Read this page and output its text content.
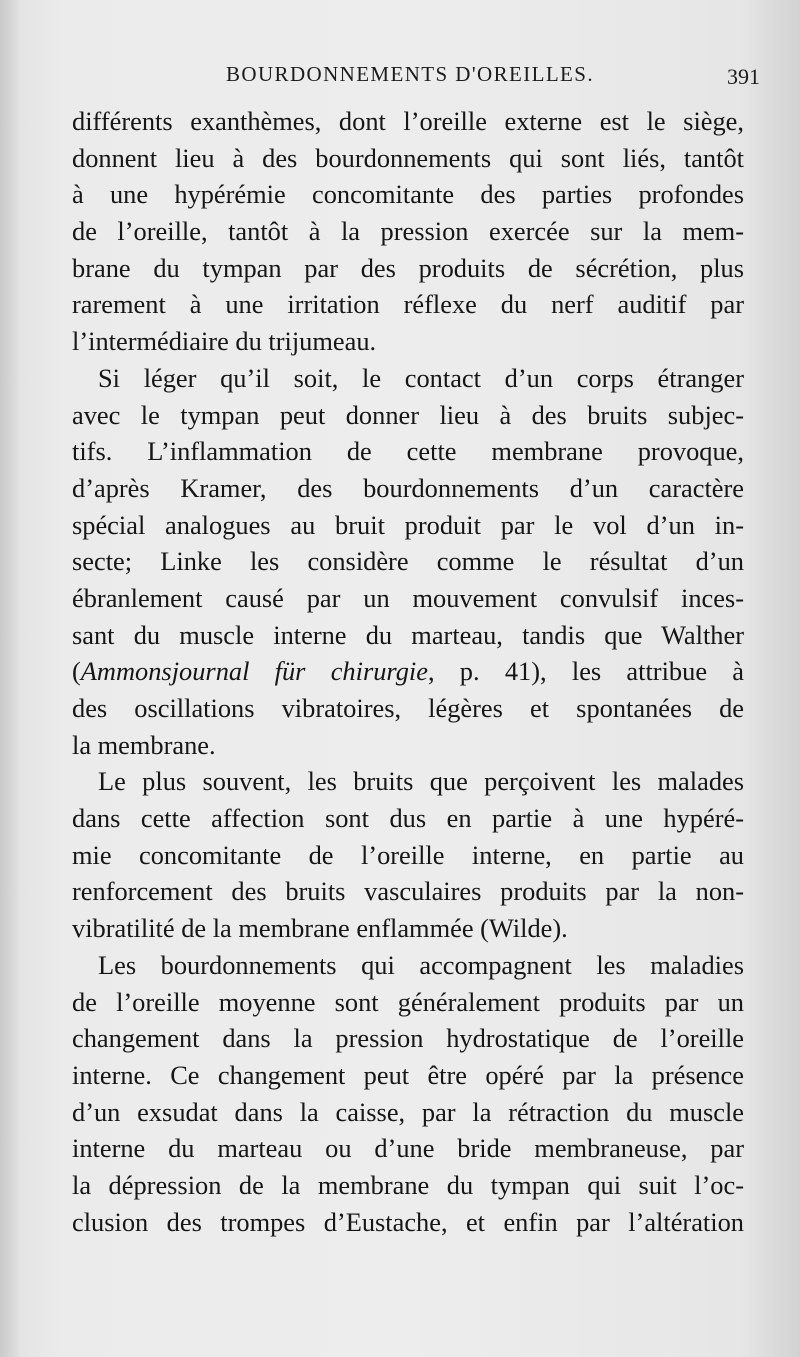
BOURDONNEMENTS D'OREILLES.	391
différents exanthèmes, dont l’oreille externe est le siège,
donnent lieu à des bourdonnements qui sont liés, tantôt
à une hypérémie concomitante des parties profondes
de l’oreille, tantôt à la pression exercée sur la mem-
brane du tympan par des produits de sécrétion, plus
rarement à une irritation réflexe du nerf auditif par
l’intermédiaire du trijumeau.
Si léger qu’il soit, le contact d’un corps étranger
avec le tympan peut donner lieu à des bruits subjec-
tifs. L’inflammation de cette membrane provoque,
d’après Kramer, des bourdonnements d’un caractère
spécial analogues au bruit produit par le vol d’un in-
secte; Linke les considère comme le résultat d’un
ébranlement causé par un mouvement convulsif inces-
sant du muscle interne du marteau, tandis que Walther
(Ammonsjournal für chirurgie, p. 41), les attribue à
des oscillations vibratoires, légères et spontanées de
la membrane.
Le plus souvent, les bruits que perçoivent les malades
dans cette affection sont dus en partie à une hypéré-
mie concomitante de l’oreille interne, en partie au
renforcement des bruits vasculaires produits par la non-
vibratilité de la membrane enflammée (Wilde).
Les bourdonnements qui accompagnent les maladies
de l’oreille moyenne sont généralement produits par un
changement dans la pression hydrostatique de l’oreille
interne. Ce changement peut être opéré par la présence
d’un exsudat dans la caisse, par la rétraction du muscle
interne du marteau ou d’une bride membraneuse, par
la dépression de la membrane du tympan qui suit l’oc-
clusion des trompes d’Eustache, et enfin par l’altération
